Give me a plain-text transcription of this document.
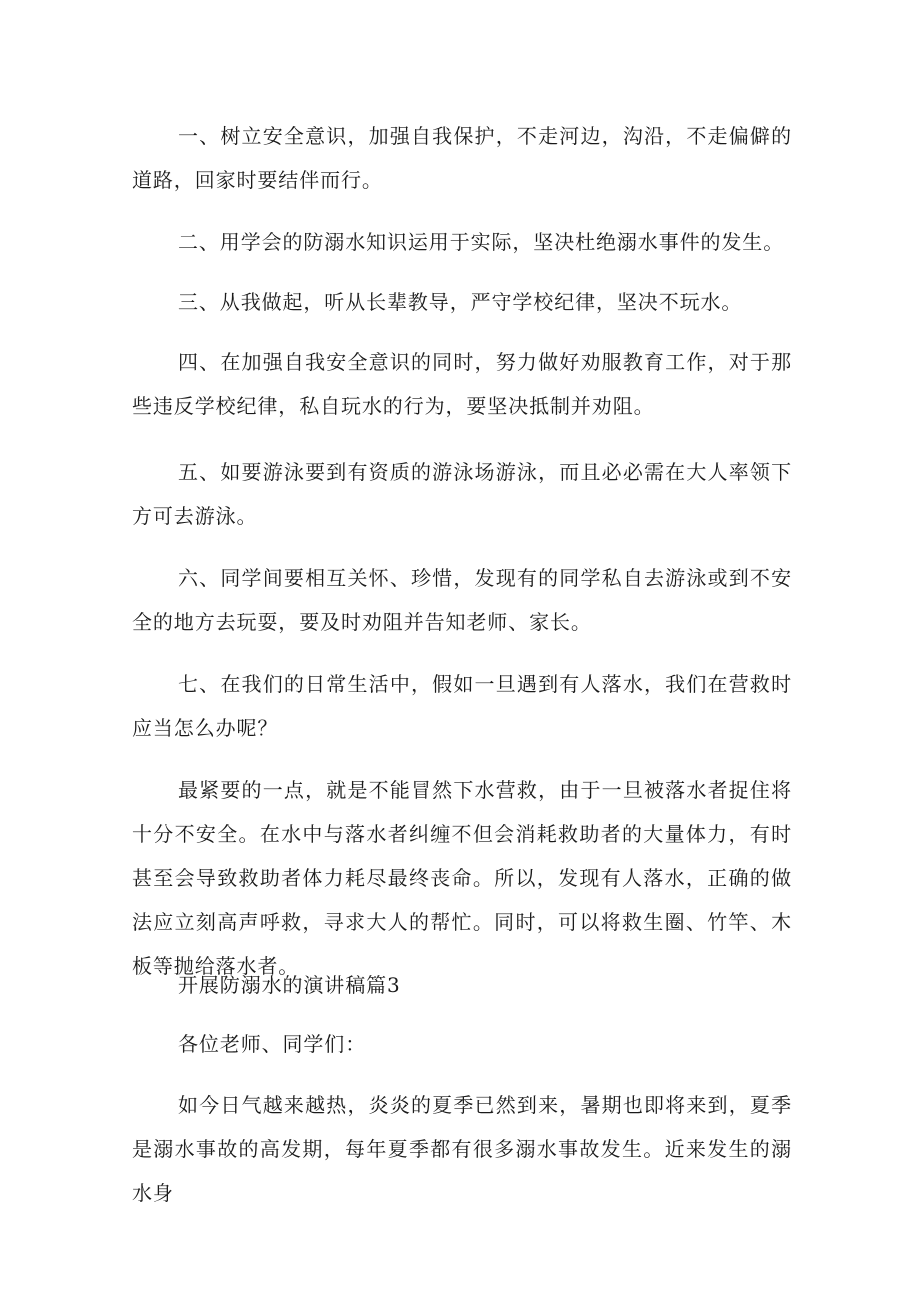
一、树立安全意识，加强自我保护，不走河边，沟沿，不走偏僻的道路，回家时要结伴而行。

二、用学会的防溺水知识运用于实际，坚决杜绝溺水事件的发生。

三、从我做起，听从长辈教导，严守学校纪律，坚决不玩水。

四、在加强自我安全意识的同时，努力做好劝服教育工作，对于那些违反学校纪律，私自玩水的行为，要坚决抵制并劝阻。

五、如要游泳要到有资质的游泳场游泳，而且必必需在大人率领下方可去游泳。

六、同学间要相互关怀、珍惜，发现有的同学私自去游泳或到不安全的地方去玩耍，要及时劝阻并告知老师、家长。

七、在我们的日常生活中，假如一旦遇到有人落水，我们在营救时应当怎么办呢？

最紧要的一点，就是不能冒然下水营救，由于一旦被落水者捉住将十分不安全。在水中与落水者纠缠不但会消耗救助者的大量体力，有时甚至会导致救助者体力耗尽最终丧命。所以，发现有人落水，正确的做法应立刻高声呼救，寻求大人的帮忙。同时，可以将救生圈、竹竿、木板等抛给落水者。

开展防溺水的演讲稿篇3

各位老师、同学们：

如今日气越来越热，炎炎的夏季已然到来，暑期也即将来到，夏季是溺水事故的高发期，每年夏季都有很多溺水事故发生。近来发生的溺水身
